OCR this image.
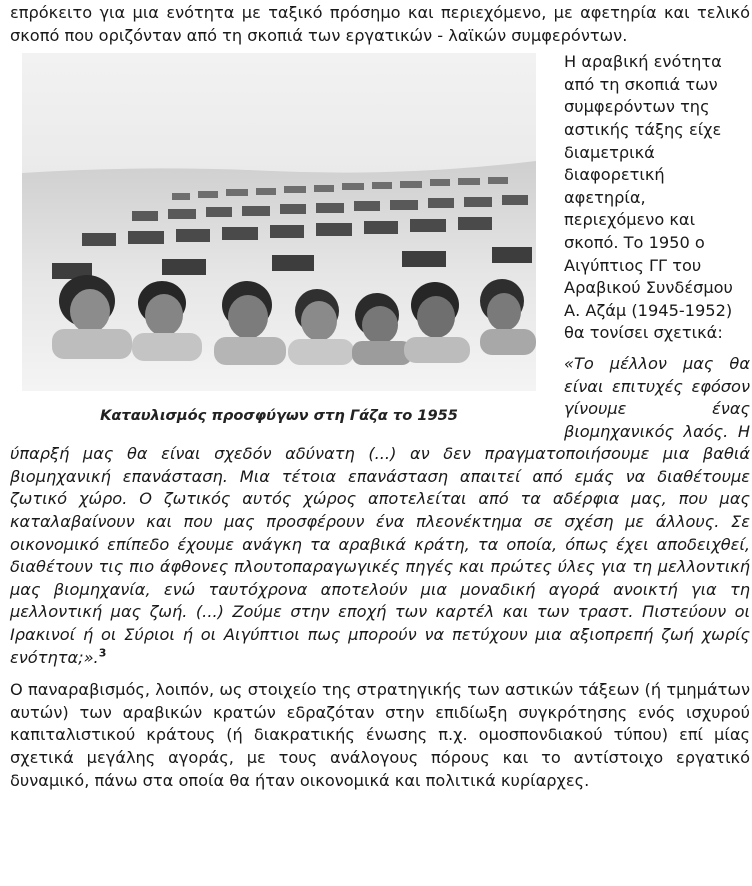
επρόκειτο για μια ενότητα με ταξικό πρόσημο και περιεχόμενο, με αφετηρία και τελικό σκοπό που οριζόνταν από τη σκοπιά των εργατικών - λαϊκών συμφερόντων.

Καταυλισμός προσφύγων στη Γάζα το 1955

Η αραβική ενότητα από τη σκοπιά των συμφερόντων της αστικής τάξης είχε διαμετρικά διαφορετική αφετηρία, περιεχόμενο και σκοπό. Το 1950 ο Αιγύπτιος ΓΓ του Αραβικού Συνδέσμου Α. Αζάμ (1945-1952) θα τονίσει σχετικά:

«Το μέλλον μας θα είναι επιτυχές εφόσον γίνουμε ένας βιομηχανικός λαός. Η ύπαρξή μας θα είναι σχεδόν αδύνατη (...) αν δεν πραγματοποιήσουμε μια βαθιά βιομηχανική επανάσταση. Μια τέτοια επανάσταση απαιτεί από εμάς να διαθέτουμε ζωτικό χώρο. Ο ζωτικός αυτός χώρος αποτελείται από τα αδέρφια μας, που μας καταλαβαίνουν και που μας προσφέρουν ένα πλεονέκτημα σε σχέση με άλλους. Σε οικονομικό επίπεδο έχουμε ανάγκη τα αραβικά κράτη, τα οποία, όπως έχει αποδειχθεί, διαθέτουν τις πιο άφθονες πλουτοπαραγωγικές πηγές και πρώτες ύλες για τη μελλοντική μας βιομηχανία, ενώ ταυτόχρονα αποτελούν μια μοναδική αγορά ανοικτή για τη μελλοντική μας ζωή. (...) Ζούμε στην εποχή των καρτέλ και των τραστ. Πιστεύουν οι Ιρακινοί ή οι Σύριοι ή οι Αιγύπτιοι πως μπορούν να πετύχουν μια αξιοπρεπή ζωή χωρίς ενότητα;».$^3$

Ο παναραβισμός, λοιπόν, ως στοιχείο της στρατηγικής των αστικών τάξεων (ή τμημάτων αυτών) των αραβικών κρατών εδραζόταν στην επιδίωξη συγκρότησης ενός ισχυρού καπιταλιστικού κράτους (ή διακρατικής ένωσης π.χ. ομοσπονδιακού τύπου) επί μίας σχετικά μεγάλης αγοράς, με τους ανάλογους πόρους και το αντίστοιχο εργατικό δυναμικό, πάνω στα οποία θα ήταν οικονομικά και πολιτικά κυρίαρχες.
